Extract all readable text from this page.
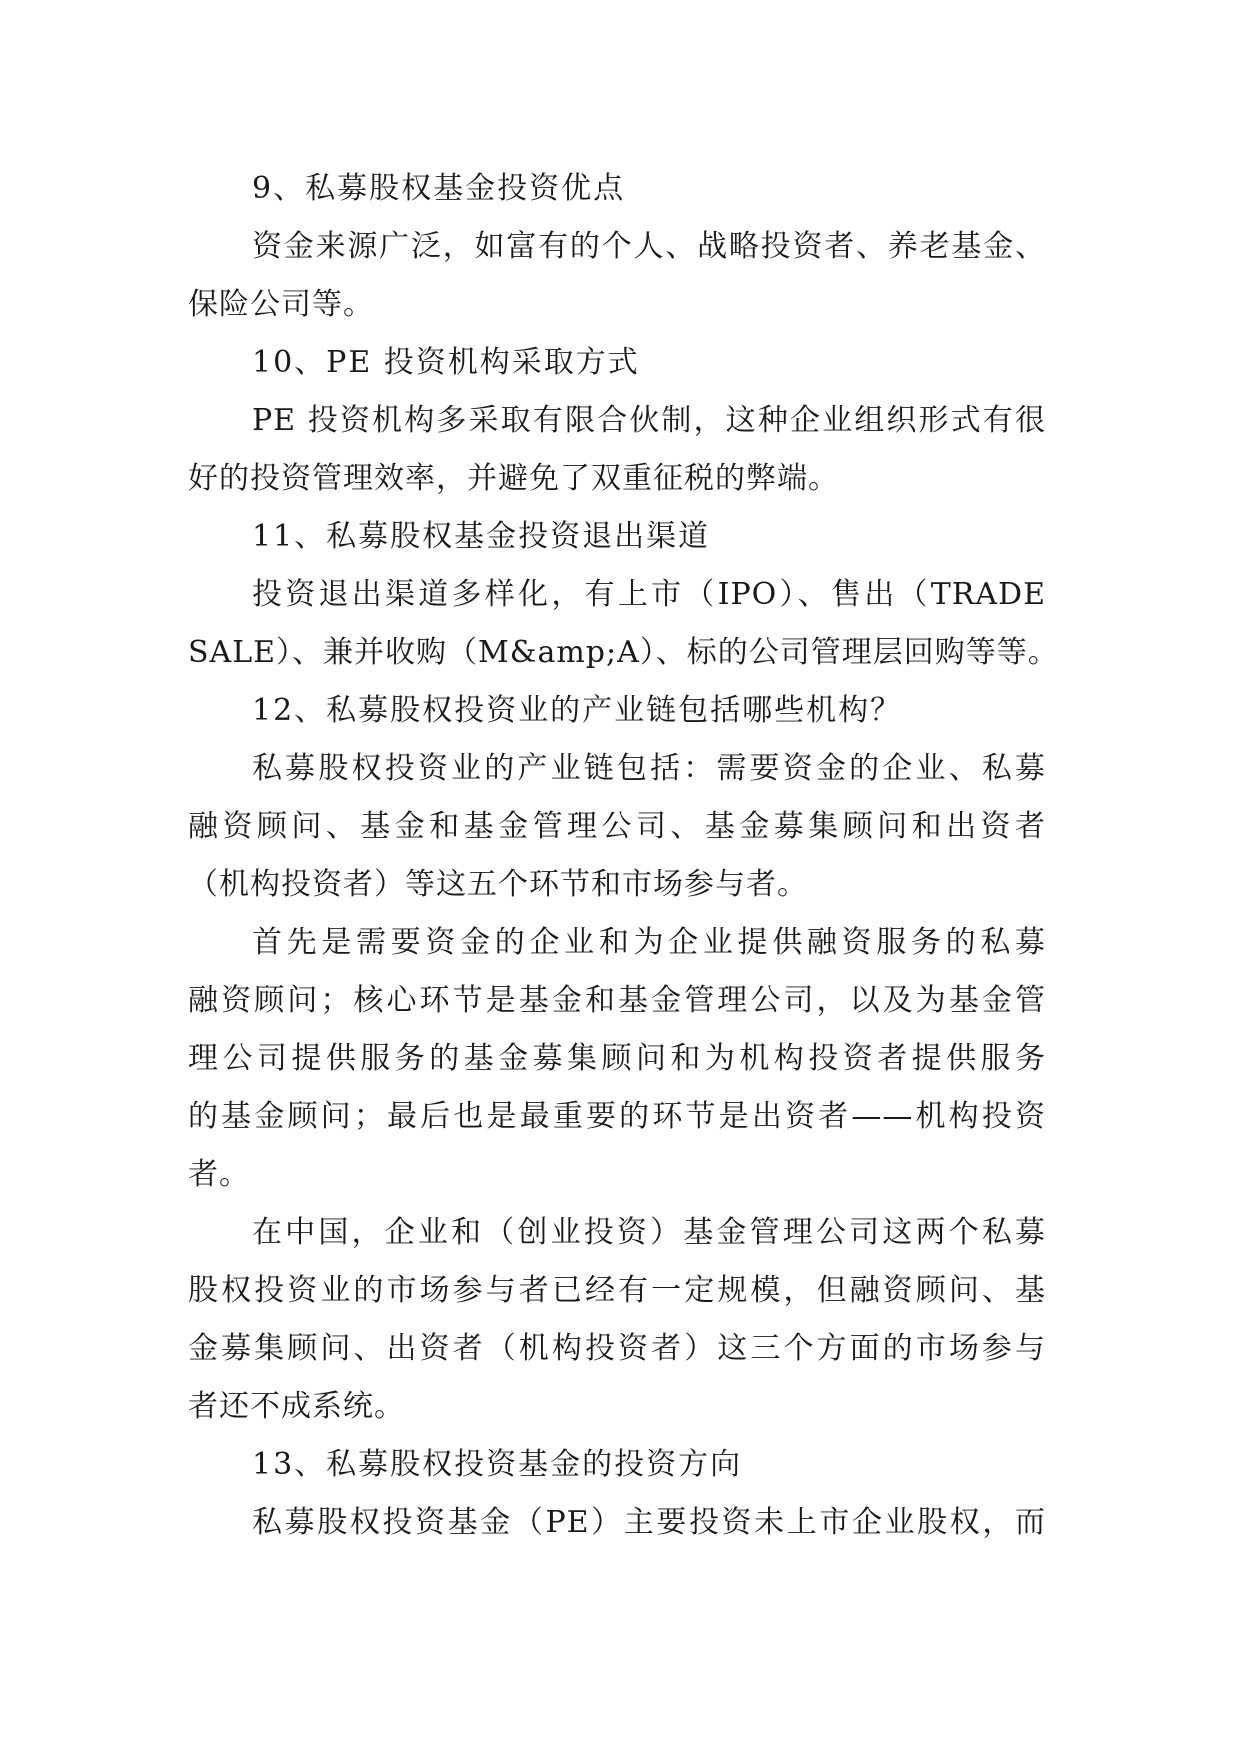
9、私募股权基金投资优点
资金来源广泛，如富有的个人、战略投资者、养老基金、
保险公司等。
10、PE 投资机构采取方式
PE 投资机构多采取有限合伙制，这种企业组织形式有很
好的投资管理效率，并避免了双重征税的弊端。
11、私募股权基金投资退出渠道
投资退出渠道多样化，有上市（IPO）、售出（TRADE
SALE）、兼并收购（M&amp;A）、标的公司管理层回购等等。
12、私募股权投资业的产业链包括哪些机构？
私募股权投资业的产业链包括：需要资金的企业、私募
融资顾问、基金和基金管理公司、基金募集顾问和出资者
（机构投资者）等这五个环节和市场参与者。
首先是需要资金的企业和为企业提供融资服务的私募
融资顾问；核心环节是基金和基金管理公司，以及为基金管
理公司提供服务的基金募集顾问和为机构投资者提供服务
的基金顾问；最后也是最重要的环节是出资者——机构投资
者。
在中国，企业和（创业投资）基金管理公司这两个私募
股权投资业的市场参与者已经有一定规模，但融资顾问、基
金募集顾问、出资者（机构投资者）这三个方面的市场参与
者还不成系统。
13、私募股权投资基金的投资方向
私募股权投资基金（PE）主要投资未上市企业股权，而
